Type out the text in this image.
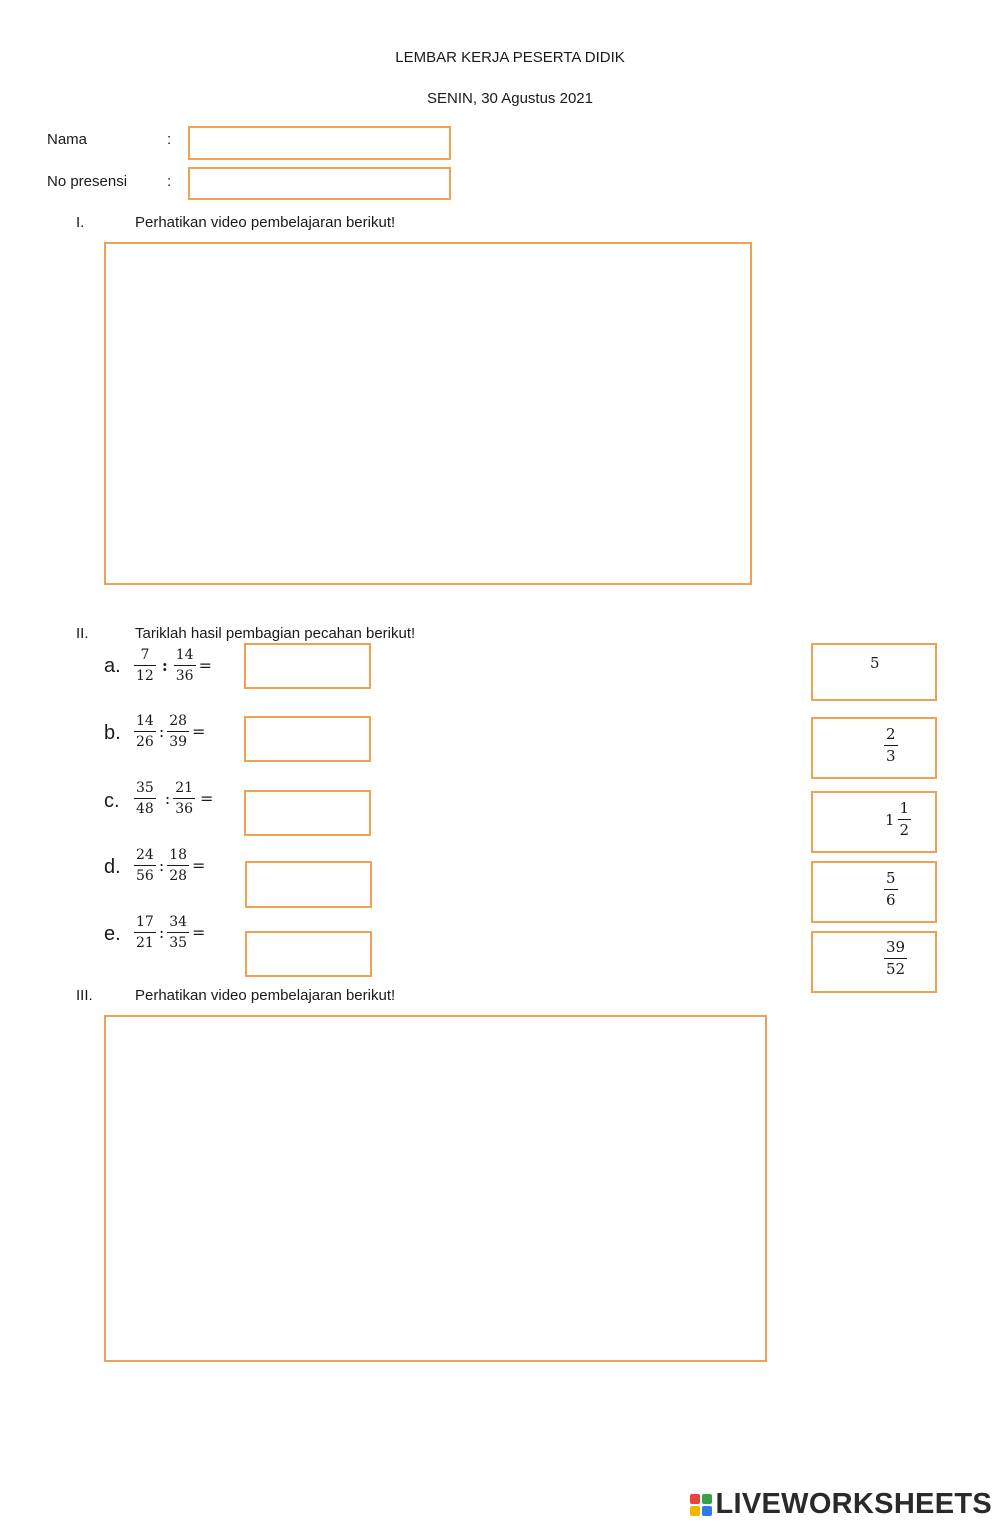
LEMBAR KERJA PESERTA DIDIK
SENIN, 30 Agustus 2021
Nama	:
No presensi	:
I.	Perhatikan video pembelajaran berikut!
II.	Tariklah hasil pembagian pecahan berikut!
a. $\frac{7}{12}$ : $\frac{14}{36}$ =
b. $\frac{14}{26}$ : $\frac{28}{39}$ =
c. $\frac{35}{48}$ : $\frac{21}{36}$ =
d. $\frac{24}{56}$ : $\frac{18}{28}$ =
e. $\frac{17}{21}$ : $\frac{34}{35}$ =
5
$\frac{2}{3}$
$1 \frac{1}{2}$
$\frac{5}{6}$
$\frac{39}{52}$
III.	Perhatikan video pembelajaran berikut!
LIVEWORKSHEETS
